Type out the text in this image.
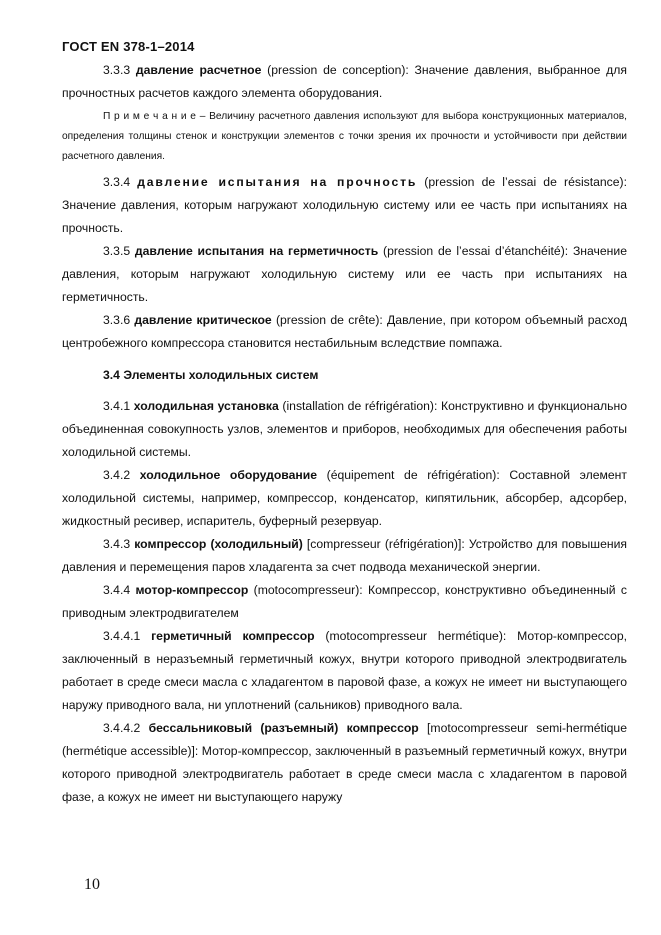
ГОСТ EN 378-1–2014

3.3.3 давление расчетное (pression de conception): Значение давления, выбранное для прочностных расчетов каждого элемента оборудования.

П р и м е ч а н и е – Величину расчетного давления используют для выбора конструкционных материалов, определения толщины стенок и конструкции элементов с точки зрения их прочности и устойчивости при действии расчетного давления.

3.3.4 давление испытания на прочность (pression de l’essai de résistance): Значение давления, которым нагружают холодильную систему или ее часть при испытаниях на прочность.

3.3.5 давление испытания на герметичность (pression de l’essai d’étanchéité): Значение давления, которым нагружают холодильную систему или ее часть при испытаниях на герметичность.

3.3.6 давление критическое (pression de crête): Давление, при котором объемный расход центробежного компрессора становится нестабильным вследствие помпажа.

3.4 Элементы холодильных систем

3.4.1 холодильная установка (installation de réfrigération): Конструктивно и функционально объединенная совокупность узлов, элементов и приборов, необходимых для обеспечения работы холодильной системы.

3.4.2 холодильное оборудование (équipement de réfrigération): Составной элемент холодильной системы, например, компрессор, конденсатор, кипятильник, абсорбер, адсорбер, жидкостный ресивер, испаритель, буферный резервуар.

3.4.3 компрессор (холодильный) [compresseur (réfrigération)]: Устройство для повышения давления и перемещения паров хладагента за счет подвода механической энергии.

3.4.4 мотор-компрессор (motocompresseur): Компрессор, конструктивно объединенный с приводным электродвигателем

3.4.4.1 герметичный компрессор (motocompresseur hermétique): Мотор-компрессор, заключенный в неразъемный герметичный кожух, внутри которого приводной электродвигатель работает в среде смеси масла с хладагентом в паровой фазе, а кожух не имеет ни выступающего наружу приводного вала, ни уплотнений (сальников) приводного вала.

3.4.4.2 бессальниковый (разъемный) компрессор [motocompresseur semi-hermétique (hermétique accessible)]: Мотор-компрессор, заключенный в разъемный герметичный кожух, внутри которого приводной электродвигатель работает в среде смеси масла с хладагентом в паровой фазе, а кожух не имеет ни выступающего наружу

10
